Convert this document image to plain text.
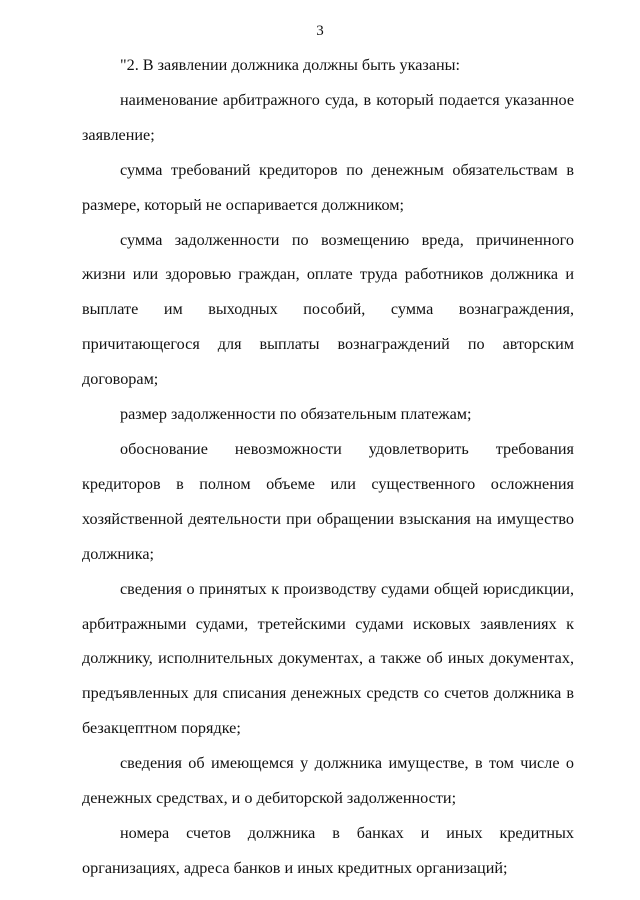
3

"2. В заявлении должника должны быть указаны:

наименование арбитражного суда, в который подается указанное заявление;

сумма требований кредиторов по денежным обязательствам в размере, который не оспаривается должником;

сумма задолженности по возмещению вреда, причиненного жизни или здоровью граждан, оплате труда работников должника и выплате им выходных пособий, сумма вознаграждения, причитающегося для выплаты вознаграждений по авторским договорам;

размер задолженности по обязательным платежам;

обоснование невозможности удовлетворить требования кредиторов в полном объеме или существенного осложнения хозяйственной деятельности при обращении взыскания на имущество должника;

сведения о принятых к производству судами общей юрисдикции, арбитражными судами, третейскими судами исковых заявлениях к должнику, исполнительных документах, а также об иных документах, предъявленных для списания денежных средств со счетов должника в безакцептном порядке;

сведения об имеющемся у должника имуществе, в том числе о денежных средствах, и о дебиторской задолженности;

номера счетов должника в банках и иных кредитных организациях, адреса банков и иных кредитных организаций;
